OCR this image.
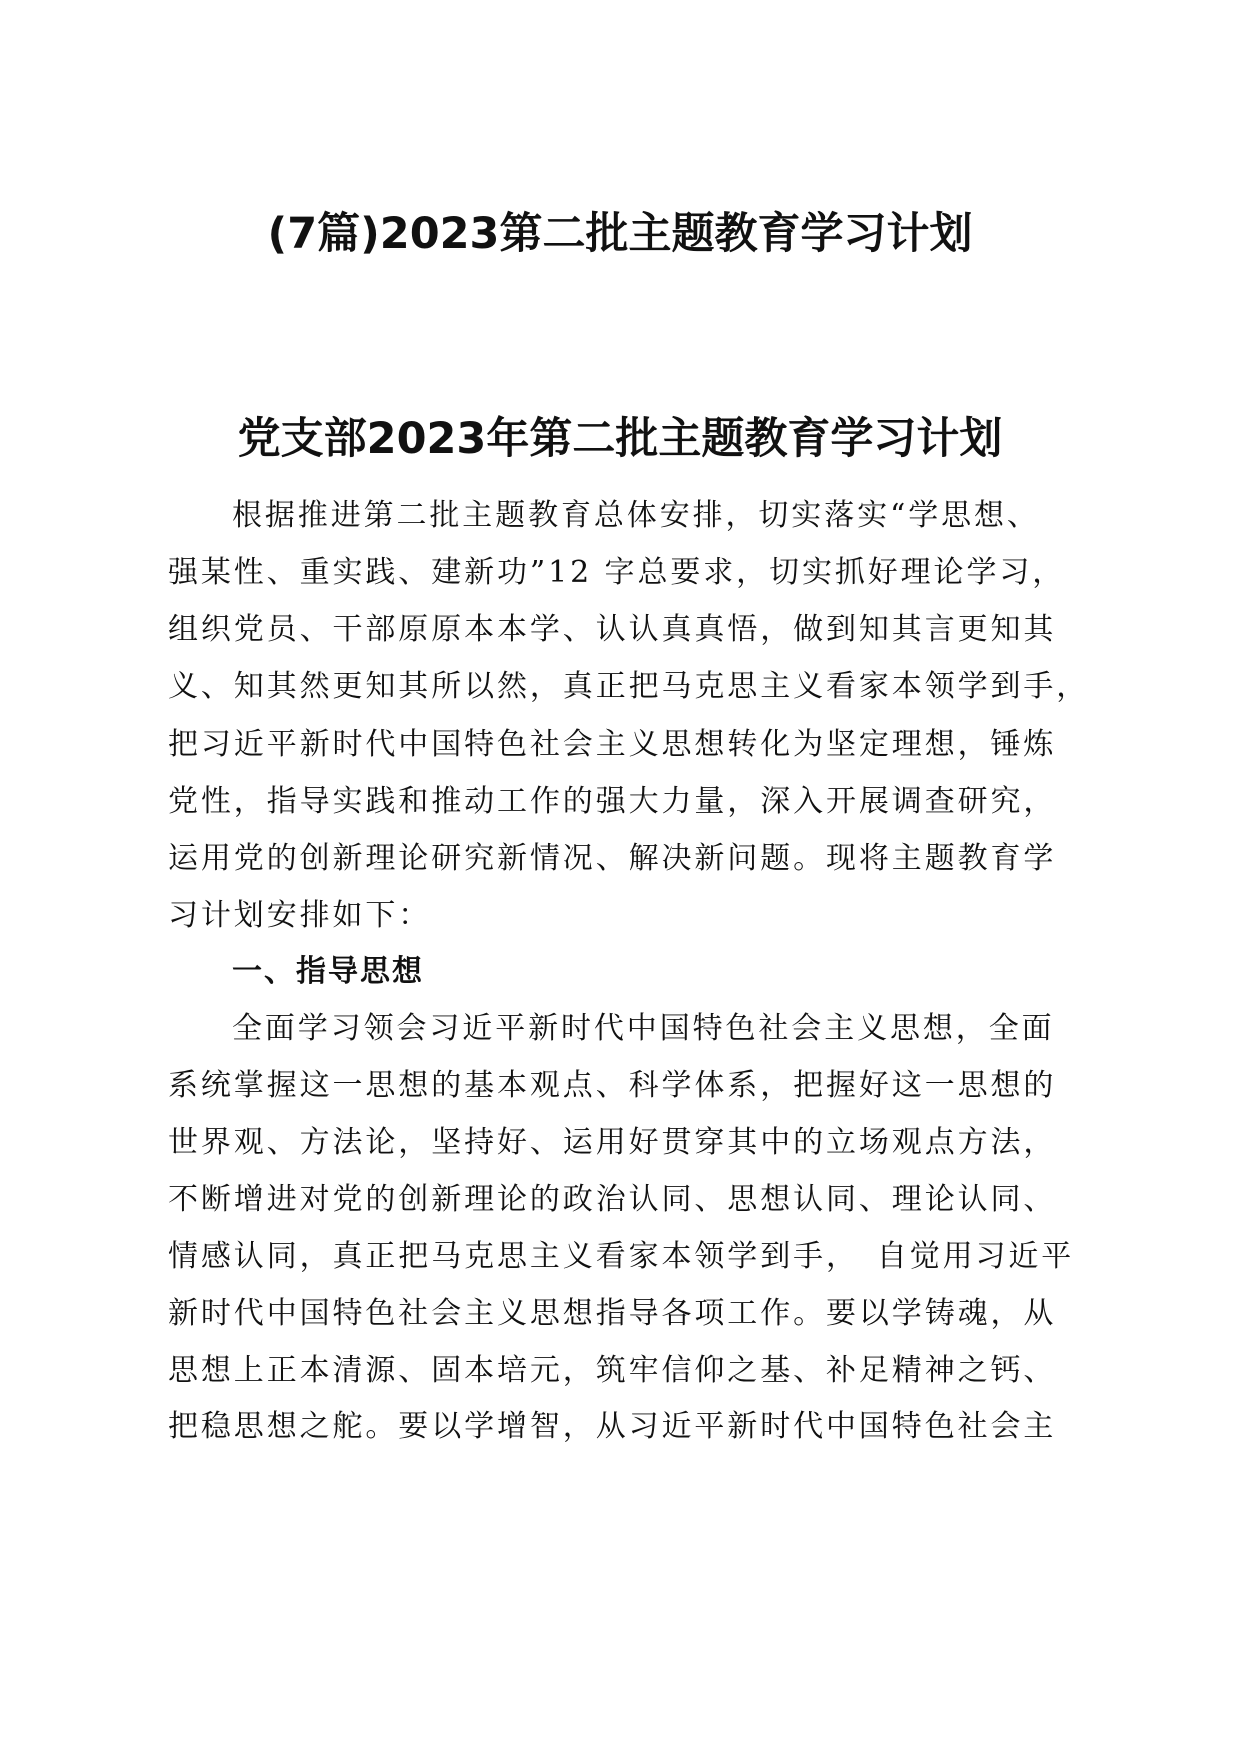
(7篇)2023第二批主题教育学习计划
党支部2023年第二批主题教育学习计划

根据推进第二批主题教育总体安排，切实落实“学思想、

强某性、重实践、建新功”12 字总要求，切实抓好理论学习，

组织党员、干部原原本本学、认认真真悟，做到知其言更知其

义、知其然更知其所以然，真正把马克思主义看家本领学到手，

把习近平新时代中国特色社会主义思想转化为坚定理想，锤炼

党性，指导实践和推动工作的强大力量，深入开展调查研究，

运用党的创新理论研究新情况、解决新问题。现将主题教育学

习计划安排如下：

一、指导思想

全面学习领会习近平新时代中国特色社会主义思想，全面

系统掌握这一思想的基本观点、科学体系，把握好这一思想的

世界观、方法论，坚持好、运用好贯穿其中的立场观点方法，

不断增进对党的创新理论的政治认同、思想认同、理论认同、

情感认同，真正把马克思主义看家本领学到手，　自觉用习近平

新时代中国特色社会主义思想指导各项工作。要以学铸魂，从

思想上正本清源、固本培元，筑牢信仰之基、补足精神之钙、

把稳思想之舵。要以学增智，从习近平新时代中国特色社会主
